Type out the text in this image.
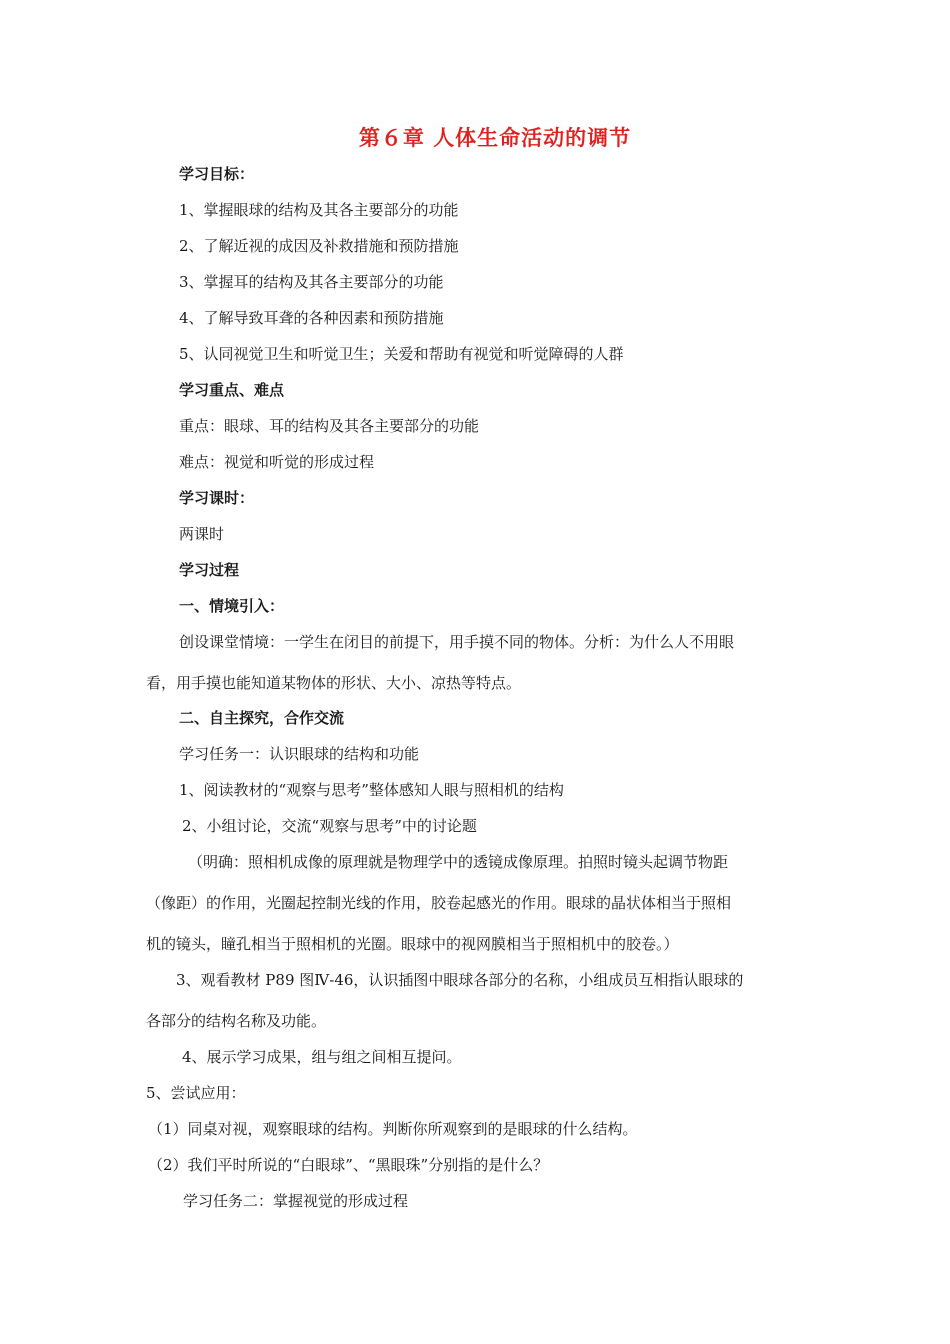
第６章 人体生命活动的调节
学习目标：
1、掌握眼球的结构及其各主要部分的功能
2、了解近视的成因及补救措施和预防措施
3、掌握耳的结构及其各主要部分的功能
4、了解导致耳聋的各种因素和预防措施
5、认同视觉卫生和听觉卫生；关爱和帮助有视觉和听觉障碍的人群
学习重点、难点
重点：眼球、耳的结构及其各主要部分的功能
难点：视觉和听觉的形成过程
学习课时：
两课时
学习过程
一、情境引入：
创设课堂情境：一学生在闭目的前提下，用手摸不同的物体。分析：为什么人不用眼
看，用手摸也能知道某物体的形状、大小、凉热等特点。
二、自主探究，合作交流
学习任务一：认识眼球的结构和功能
1、阅读教材的“观察与思考”整体感知人眼与照相机的结构
2、小组讨论，交流“观察与思考”中的讨论题
（明确：照相机成像的原理就是物理学中的透镜成像原理。拍照时镜头起调节物距
（像距）的作用，光圈起控制光线的作用，胶卷起感光的作用。眼球的晶状体相当于照相
机的镜头，瞳孔相当于照相机的光圈。眼球中的视网膜相当于照相机中的胶卷。）
3、观看教材 P89 图Ⅳ-46，认识插图中眼球各部分的名称，小组成员互相指认眼球的
各部分的结构名称及功能。
4、展示学习成果，组与组之间相互提问。
5、尝试应用：
（1）同桌对视，观察眼球的结构。判断你所观察到的是眼球的什么结构。
（2）我们平时所说的“白眼球”、“黑眼珠”分别指的是什么？
学习任务二：掌握视觉的形成过程
